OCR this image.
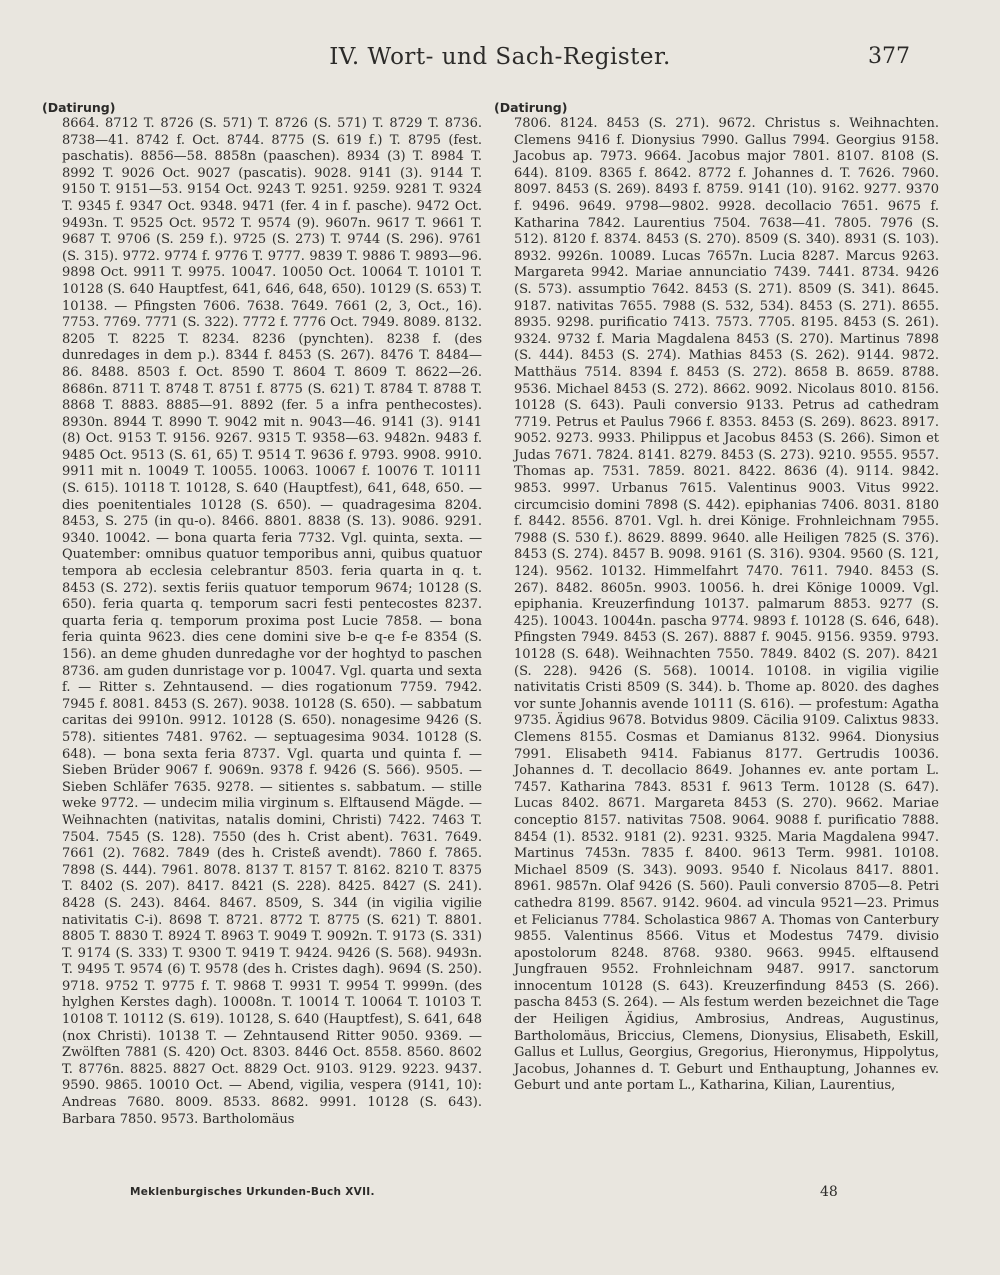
IV. Wort- und Sach-Register.	377
(Datirung)

8664. 8712 T. 8726 (S. 571) T. 8726 (S. 571) T. 8729 T. 8736. 8738—41. 8742 f. Oct. 8744. 8775 (S. 619 f.) T. 8795 (fest. paschatis). 8856—58. 8858n (paaschen). 8934 (3) T. 8984 T. 8992 T. 9026 Oct. 9027 (pascatis). 9028. 9141 (3). 9144 T. 9150 T. 9151—53. 9154 Oct. 9243 T. 9251. 9259. 9281 T. 9324 T. 9345 f. 9347 Oct. 9348. 9471 (fer. 4 in f. pasche). 9472 Oct. 9493n. T. 9525 Oct. 9572 T. 9574 (9). 9607n. 9617 T. 9661 T. 9687 T. 9706 (S. 259 f.). 9725 (S. 273) T. 9744 (S. 296). 9761 (S. 315). 9772. 9774 f. 9776 T. 9777. 9839 T. 9886 T. 9893—96. 9898 Oct. 9911 T. 9975. 10047. 10050 Oct. 10064 T. 10101 T. 10128 (S. 640 Hauptfest, 641, 646, 648, 650). 10129 (S. 653) T. 10138. — Pfingsten 7606. 7638. 7649. 7661 (2, 3, Oct., 16). 7753. 7769. 7771 (S. 322). 7772 f. 7776 Oct. 7949. 8089. 8132. 8205 T. 8225 T. 8234. 8236 (pynchten). 8238 f. (des dunredages in dem p.). 8344 f. 8453 (S. 267). 8476 T. 8484—86. 8488. 8503 f. Oct. 8590 T. 8604 T. 8609 T. 8622—26. 8686n. 8711 T. 8748 T. 8751 f. 8775 (S. 621) T. 8784 T. 8788 T. 8868 T. 8883. 8885—91. 8892 (fer. 5 a infra penthecostes). 8930n. 8944 T. 8990 T. 9042 mit n. 9043—46. 9141 (3). 9141 (8) Oct. 9153 T. 9156. 9267. 9315 T. 9358—63. 9482n. 9483 f. 9485 Oct. 9513 (S. 61, 65) T. 9514 T. 9636 f. 9793. 9908. 9910. 9911 mit n. 10049 T. 10055. 10063. 10067 f. 10076 T. 10111 (S. 615). 10118 T. 10128, S. 640 (Hauptfest), 641, 648, 650. — dies poenitentiales 10128 (S. 650). — quadragesima 8204. 8453, S. 275 (in qu-o). 8466. 8801. 8838 (S. 13). 9086. 9291. 9340. 10042. — bona quarta feria 7732. Vgl. quinta, sexta. — Quatember: omnibus quatuor temporibus anni, quibus quatuor tempora ab ecclesia celebrantur 8503. feria quarta in q. t. 8453 (S. 272). sextis feriis quatuor temporum 9674; 10128 (S. 650). feria quarta q. temporum sacri festi pentecostes 8237. quarta feria q. temporum proxima post Lucie 7858. — bona feria quinta 9623. dies cene domini sive b-e q-e f-e 8354 (S. 156). an deme ghuden dunredaghe vor der hoghtyd to paschen 8736. am guden dunristage vor p. 10047. Vgl. quarta und sexta f. — Ritter s. Zehntausend. — dies rogationum 7759. 7942. 7945 f. 8081. 8453 (S. 267). 9038. 10128 (S. 650). — sabbatum caritas dei 9910n. 9912. 10128 (S. 650). nonagesime 9426 (S. 578). sitientes 7481. 9762. — septuagesima 9034. 10128 (S. 648). — bona sexta feria 8737. Vgl. quarta und quinta f. — Sieben Brüder 9067 f. 9069n. 9378 f. 9426 (S. 566). 9505. — Sieben Schläfer 7635. 9278. — sitientes s. sabbatum. — stille weke 9772. — undecim milia virginum s. Elftausend Mägde. — Weihnachten (nativitas, natalis domini, Christi) 7422. 7463 T. 7504. 7545 (S. 128). 7550 (des h. Crist abent). 7631. 7649. 7661 (2). 7682. 7849 (des h. Cristeß avendt). 7860 f. 7865. 7898 (S. 444). 7961. 8078. 8137 T. 8157 T. 8162. 8210 T. 8375 T. 8402 (S. 207). 8417. 8421 (S. 228). 8425. 8427 (S. 241). 8428 (S. 243). 8464. 8467. 8509, S. 344 (in vigilia vigilie nativitatis C-i). 8698 T. 8721. 8772 T. 8775 (S. 621) T. 8801. 8805 T. 8830 T. 8924 T. 8963 T. 9049 T. 9092n. T. 9173 (S. 331) T. 9174 (S. 333) T. 9300 T. 9419 T. 9424. 9426 (S. 568). 9493n. T. 9495 T. 9574 (6) T. 9578 (des h. Cristes dagh). 9694 (S. 250). 9718. 9752 T. 9775 f. T. 9868 T. 9931 T. 9954 T. 9999n. (des hylghen Kerstes dagh). 10008n. T. 10014 T. 10064 T. 10103 T. 10108 T. 10112 (S. 619). 10128, S. 640 (Hauptfest), S. 641, 648 (nox Christi). 10138 T. — Zehntausend Ritter 9050. 9369. — Zwölften 7881 (S. 420) Oct. 8303. 8446 Oct. 8558. 8560. 8602 T. 8776n. 8825. 8827 Oct. 8829 Oct. 9103. 9129. 9223. 9437. 9590. 9865. 10010 Oct. — Abend, vigilia, vespera (9141, 10): Andreas 7680. 8009. 8533. 8682. 9991. 10128 (S. 643). Barbara 7850. 9573. Bartholomäus

(Datirung)

7806. 8124. 8453 (S. 271). 9672. Christus s. Weihnachten. Clemens 9416 f. Dionysius 7990. Gallus 7994. Georgius 9158. Jacobus ap. 7973. 9664. Jacobus major 7801. 8107. 8108 (S. 644). 8109. 8365 f. 8642. 8772 f. Johannes d. T. 7626. 7960. 8097. 8453 (S. 269). 8493 f. 8759. 9141 (10). 9162. 9277. 9370 f. 9496. 9649. 9798—9802. 9928. decollacio 7651. 9675 f. Katharina 7842. Laurentius 7504. 7638—41. 7805. 7976 (S. 512). 8120 f. 8374. 8453 (S. 270). 8509 (S. 340). 8931 (S. 103). 8932. 9926n. 10089. Lucas 7657n. Lucia 8287. Marcus 9263. Margareta 9942. Mariae annunciatio 7439. 7441. 8734. 9426 (S. 573). assumptio 7642. 8453 (S. 271). 8509 (S. 341). 8645. 9187. nativitas 7655. 7988 (S. 532, 534). 8453 (S. 271). 8655. 8935. 9298. purificatio 7413. 7573. 7705. 8195. 8453 (S. 261). 9324. 9732 f. Maria Magdalena 8453 (S. 270). Martinus 7898 (S. 444). 8453 (S. 274). Mathias 8453 (S. 262). 9144. 9872. Matthäus 7514. 8394 f. 8453 (S. 272). 8658 B. 8659. 8788. 9536. Michael 8453 (S. 272). 8662. 9092. Nicolaus 8010. 8156. 10128 (S. 643). Pauli conversio 9133. Petrus ad cathedram 7719. Petrus et Paulus 7966 f. 8353. 8453 (S. 269). 8623. 8917. 9052. 9273. 9933. Philippus et Jacobus 8453 (S. 266). Simon et Judas 7671. 7824. 8141. 8279. 8453 (S. 273). 9210. 9555. 9557. Thomas ap. 7531. 7859. 8021. 8422. 8636 (4). 9114. 9842. 9853. 9997. Urbanus 7615. Valentinus 9003. Vitus 9922. circumcisio domini 7898 (S. 442). epiphanias 7406. 8031. 8180 f. 8442. 8556. 8701. Vgl. h. drei Könige. Frohnleichnam 7955. 7988 (S. 530 f.). 8629. 8899. 9640. alle Heiligen 7825 (S. 376). 8453 (S. 274). 8457 B. 9098. 9161 (S. 316). 9304. 9560 (S. 121, 124). 9562. 10132. Himmelfahrt 7470. 7611. 7940. 8453 (S. 267). 8482. 8605n. 9903. 10056. h. drei Könige 10009. Vgl. epiphania. Kreuzerfindung 10137. palmarum 8853. 9277 (S. 425). 10043. 10044n. pascha 9774. 9893 f. 10128 (S. 646, 648). Pfingsten 7949. 8453 (S. 267). 8887 f. 9045. 9156. 9359. 9793. 10128 (S. 648). Weihnachten 7550. 7849. 8402 (S. 207). 8421 (S. 228). 9426 (S. 568). 10014. 10108. in vigilia vigilie nativitatis Cristi 8509 (S. 344). b. Thome ap. 8020. des daghes vor sunte Johannis avende 10111 (S. 616). — profestum: Agatha 9735. Ägidius 9678. Botvidus 9809. Cäcilia 9109. Calixtus 9833. Clemens 8155. Cosmas et Damianus 8132. 9964. Dionysius 7991. Elisabeth 9414. Fabianus 8177. Gertrudis 10036. Johannes d. T. decollacio 8649. Johannes ev. ante portam L. 7457. Katharina 7843. 8531 f. 9613 Term. 10128 (S. 647). Lucas 8402. 8671. Margareta 8453 (S. 270). 9662. Mariae conceptio 8157. nativitas 7508. 9064. 9088 f. purificatio 7888. 8454 (1). 8532. 9181 (2). 9231. 9325. Maria Magdalena 9947. Martinus 7453n. 7835 f. 8400. 9613 Term. 9981. 10108. Michael 8509 (S. 343). 9093. 9540 f. Nicolaus 8417. 8801. 8961. 9857n. Olaf 9426 (S. 560). Pauli conversio 8705—8. Petri cathedra 8199. 8567. 9142. 9604. ad vincula 9521—23. Primus et Felicianus 7784. Scholastica 9867 A. Thomas von Canterbury 9855. Valentinus 8566. Vitus et Modestus 7479. divisio apostolorum 8248. 8768. 9380. 9663. 9945. elftausend Jungfrauen 9552. Frohnleichnam 9487. 9917. sanctorum innocentum 10128 (S. 643). Kreuzerfindung 8453 (S. 266). pascha 8453 (S. 264). — Als festum werden bezeichnet die Tage der Heiligen Ägidius, Ambrosius, Andreas, Augustinus, Bartholomäus, Briccius, Clemens, Dionysius, Elisabeth, Eskill, Gallus et Lullus, Georgius, Gregorius, Hieronymus, Hippolytus, Jacobus, Johannes d. T. Geburt und Enthauptung, Johannes ev. Geburt und ante portam L., Katharina, Kilian, Laurentius,

Meklenburgisches Urkunden-Buch XVII.	48
